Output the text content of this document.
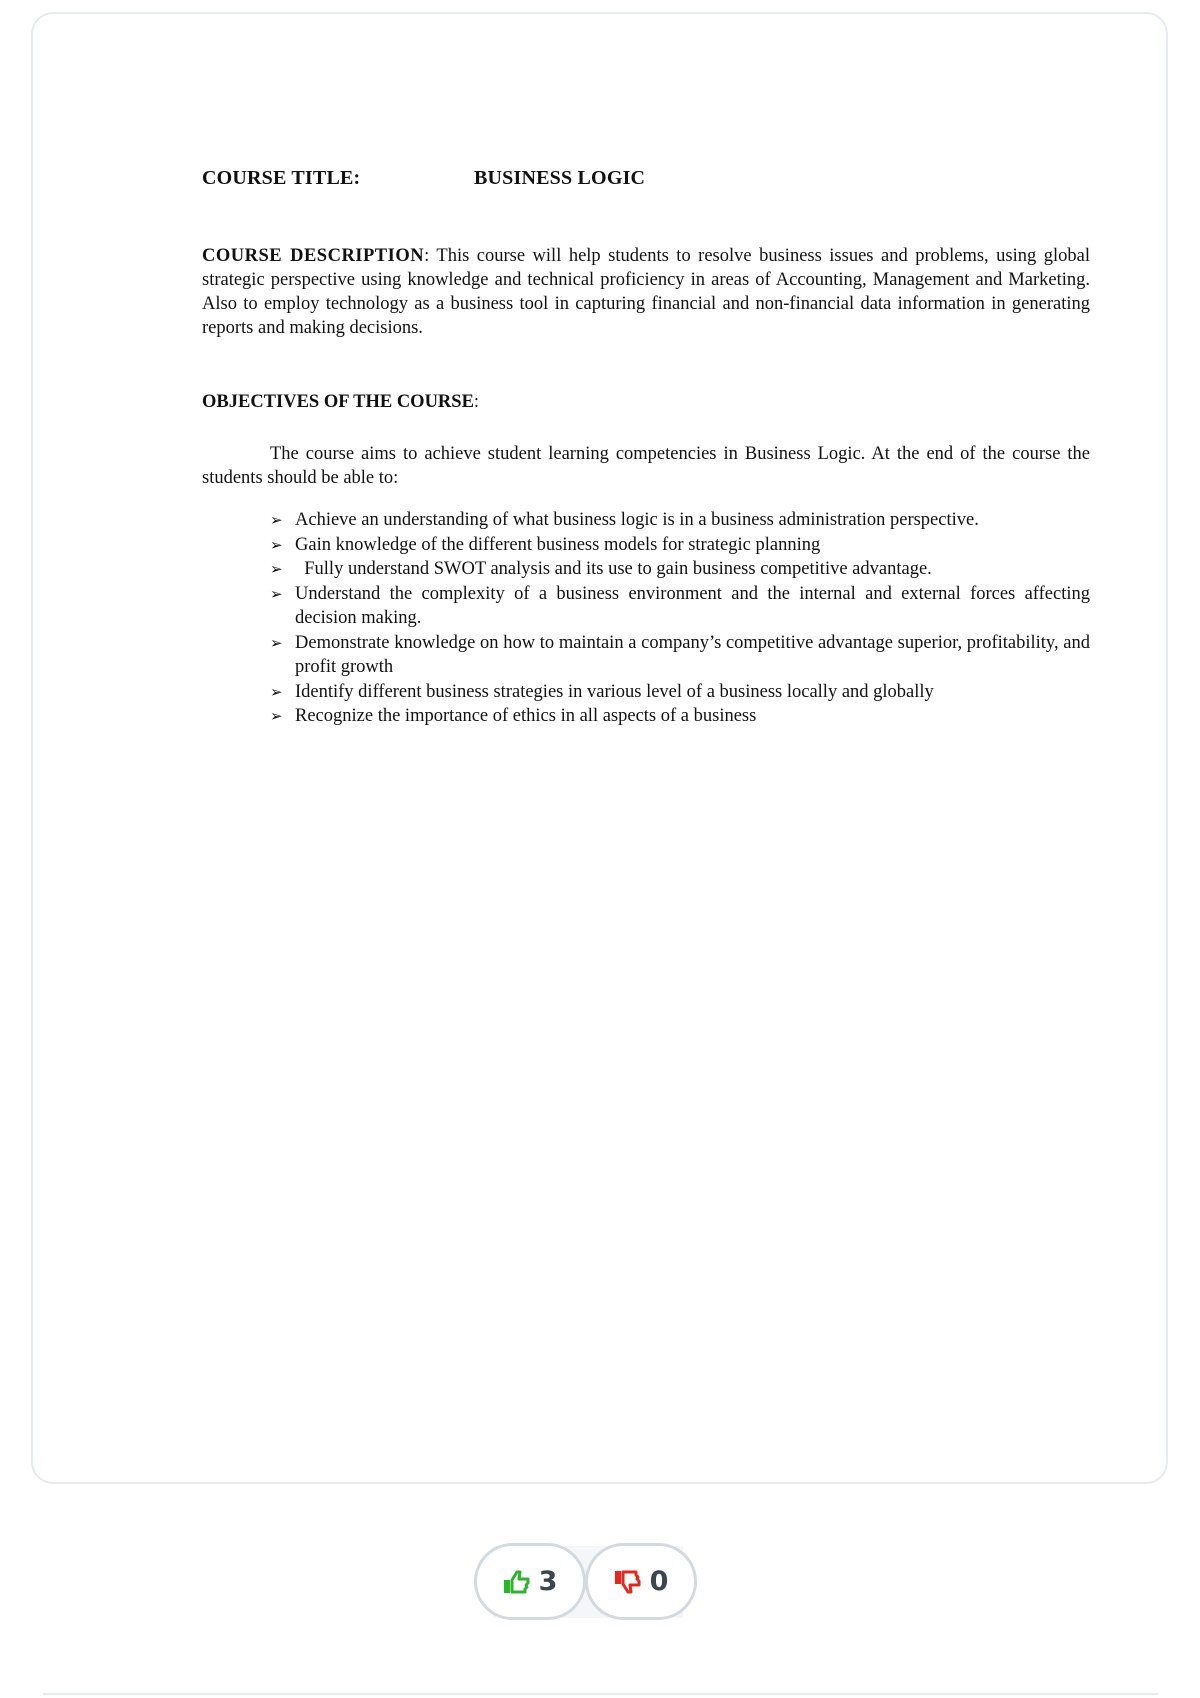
COURSE TITLE:	BUSINESS LOGIC
COURSE DESCRIPTION: This course will help students to resolve business issues and problems, using global strategic perspective using knowledge and technical proficiency in areas of Accounting, Management and Marketing. Also to employ technology as a business tool in capturing financial and non-financial data information in generating reports and making decisions.
OBJECTIVES OF THE COURSE:
The course aims to achieve student learning competencies in Business Logic. At the end of the course the students should be able to:
➢ Achieve an understanding of what business logic is in a business administration perspective.
➢ Gain knowledge of the different business models for strategic planning
➢ Fully understand SWOT analysis and its use to gain business competitive advantage.
➢ Understand the complexity of a business environment and the internal and external forces affecting decision making.
➢ Demonstrate knowledge on how to maintain a company’s competitive advantage superior, profitability, and profit growth
➢ Identify different business strategies in various level of a business locally and globally
➢ Recognize the importance of ethics in all aspects of a business
3	0
